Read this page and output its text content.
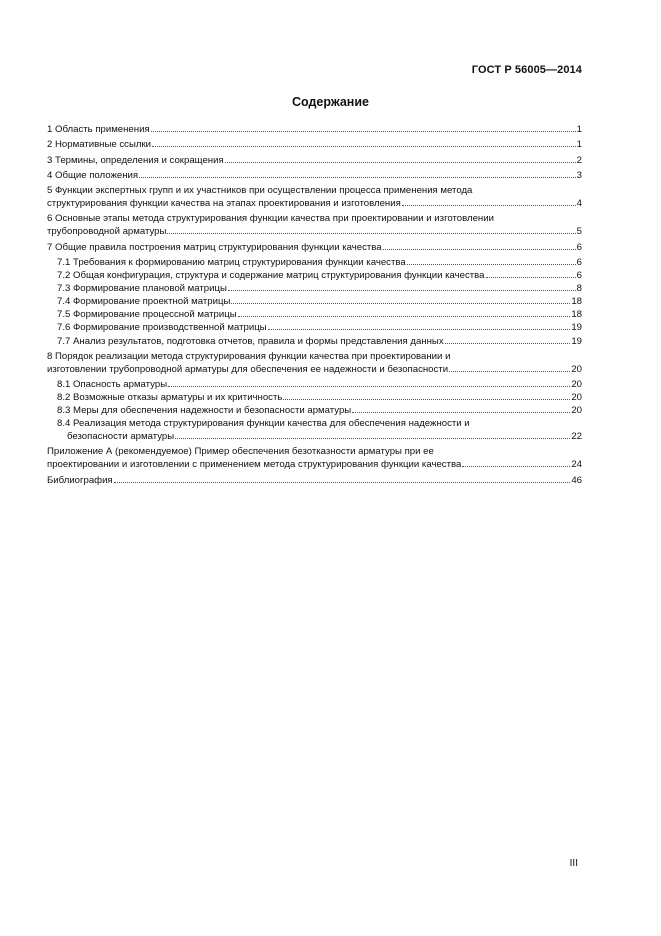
ГОСТ Р 56005—2014
Содержание
1 Область применения	1
2 Нормативные ссылки	1
3 Термины, определения и сокращения	2
4 Общие положения	3
5 Функции экспертных групп и их участников при осуществлении процесса применения метода
структурирования функции качества на этапах проектирования и изготовления	4
6 Основные этапы метода структурирования функции качества при проектировании и изготовлении
трубопроводной арматуры	5
7 Общие правила построения матриц структурирования функции качества	6
7.1 Требования к формированию матриц структурирования функции качества	6
7.2 Общая конфигурация, структура и содержание матриц структурирования функции качества	6
7.3 Формирование плановой матрицы	8
7.4 Формирование проектной матрицы	18
7.5 Формирование процессной матрицы	18
7.6 Формирование производственной матрицы	19
7.7 Анализ результатов, подготовка отчетов, правила и формы представления данных	19
8 Порядок реализации метода структурирования функции качества при проектировании и
изготовлении трубопроводной арматуры для обеспечения ее надежности и безопасности	20
8.1 Опасность арматуры	20
8.2 Возможные отказы арматуры и их критичность	20
8.3 Меры для обеспечения надежности и безопасности арматуры	20
8.4 Реализация метода структурирования функции качества для обеспечения надежности и
безопасности арматуры	22
Приложение А (рекомендуемое) Пример обеспечения безотказности арматуры при ее
проектировании и изготовлении с применением метода структурирования функции качества	24
Библиография	46
III
